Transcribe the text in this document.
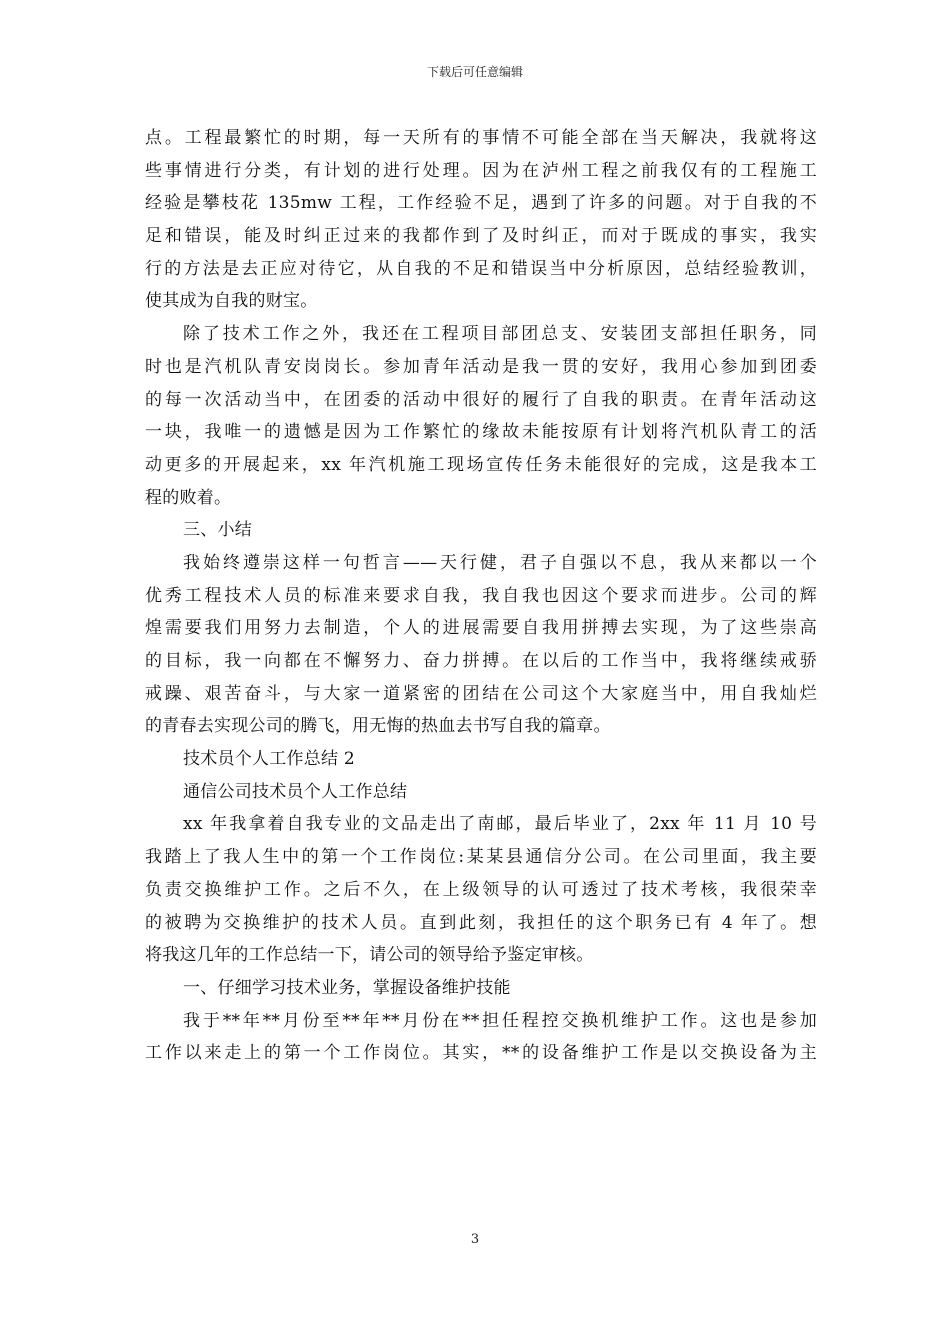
下载后可任意编辑
点。工程最繁忙的时期，每一天所有的事情不可能全部在当天解决，我就将这
些事情进行分类，有计划的进行处理。因为在泸州工程之前我仅有的工程施工
经验是攀枝花 135mw 工程，工作经验不足，遇到了许多的问题。对于自我的不
足和错误，能及时纠正过来的我都作到了及时纠正，而对于既成的事实，我实
行的方法是去正应对待它，从自我的不足和错误当中分析原因，总结经验教训，
使其成为自我的财宝。
除了技术工作之外，我还在工程项目部团总支、安装团支部担任职务，同
时也是汽机队青安岗岗长。参加青年活动是我一贯的安好，我用心参加到团委
的每一次活动当中，在团委的活动中很好的履行了自我的职责。在青年活动这
一块，我唯一的遗憾是因为工作繁忙的缘故未能按原有计划将汽机队青工的活
动更多的开展起来，xx 年汽机施工现场宣传任务未能很好的完成，这是我本工
程的败着。
三、小结
我始终遵崇这样一句哲言——天行健，君子自强以不息，我从来都以一个
优秀工程技术人员的标准来要求自我，我自我也因这个要求而进步。公司的辉
煌需要我们用努力去制造，个人的进展需要自我用拼搏去实现，为了这些崇高
的目标，我一向都在不懈努力、奋力拼搏。在以后的工作当中，我将继续戒骄
戒躁、艰苦奋斗，与大家一道紧密的团结在公司这个大家庭当中，用自我灿烂
的青春去实现公司的腾飞，用无悔的热血去书写自我的篇章。
技术员个人工作总结 2
通信公司技术员个人工作总结
xx 年我拿着自我专业的文品走出了南邮，最后毕业了，2xx 年 11 月 10 号
我踏上了我人生中的第一个工作岗位:某某县通信分公司。在公司里面，我主要
负责交换维护工作。之后不久，在上级领导的认可透过了技术考核，我很荣幸
的被聘为交换维护的技术人员。直到此刻，我担任的这个职务已有 4 年了。想
将我这几年的工作总结一下，请公司的领导给予鉴定审核。
一、仔细学习技术业务，掌握设备维护技能
我于**年**月份至**年**月份在**担任程控交换机维护工作。这也是参加
工作以来走上的第一个工作岗位。其实，**的设备维护工作是以交换设备为主
3
